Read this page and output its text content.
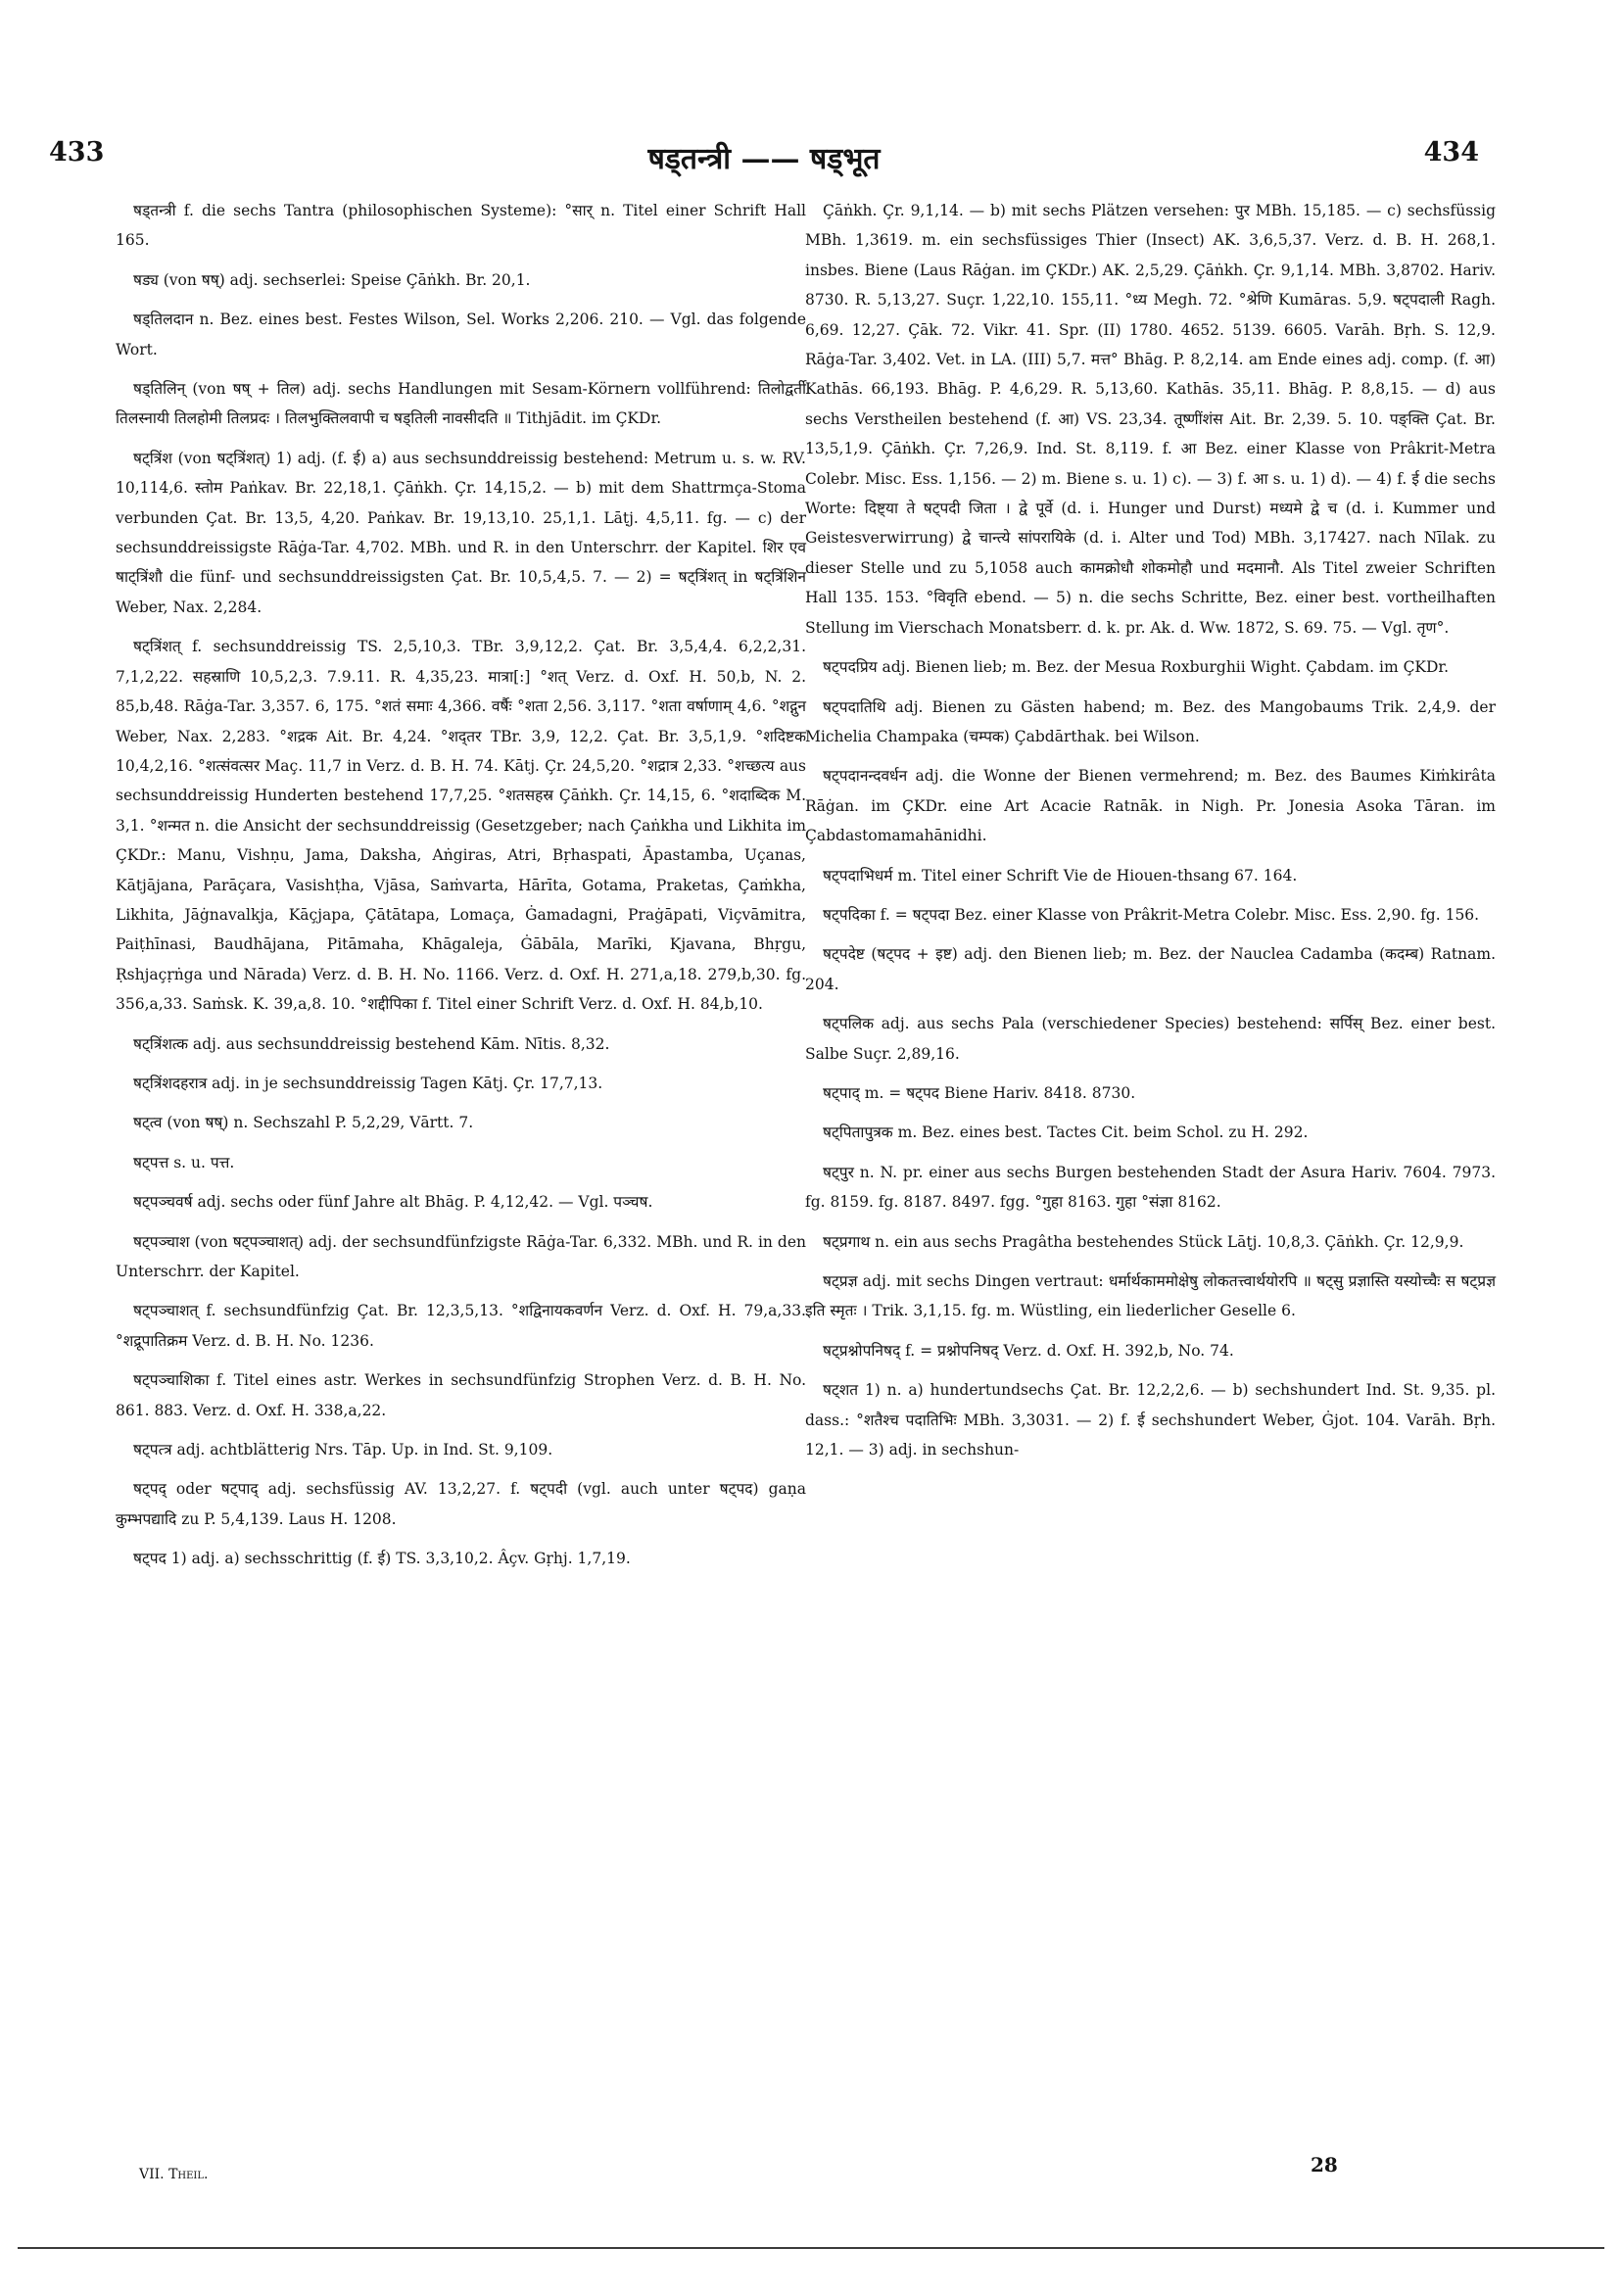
433	षड्तन्त्री —— षड्भूत	434

षड्तन्त्री f. die sechs Tantra (philosophischen Systeme): °सार् n. Titel einer Schrift Hall 165.

षड्य (von षष्) adj. sechserlei: Speise Çāṅkh. Br. 20,1.

षड्तिलदान n. Bez. eines best. Festes Wilson, Sel. Works 2,206. 210. — Vgl. das folgende Wort.

षड्तिलिन् (von षष् + तिल) adj. sechs Handlungen mit Sesam-Körnern vollführend: तिलोद्वर्ती तिलस्नायी तिलहोमी तिलप्रदः । तिलभुक्तिलवापी च षड्तिली नावसीदति ॥ Tithjādit. im ÇKDr.

षट्त्रिंश (von षट्त्रिंशत्) 1) adj. (f. ई) a) aus sechsunddreissig bestehend: Metrum u. s. w. RV. 10,114,6. स्तोम Paṅkav. Br. 22,18,1. Çāṅkh. Çr. 14,15,2. — b) mit dem Shattrmça-Stoma verbunden Çat. Br. 13,5, 4,20. Paṅkav. Br. 19,13,10. 25,1,1. Lāṭj. 4,5,11. fg. — c) der sechsunddreissigste Rāġa-Tar. 4,702. MBh. und R. in den Unterschrr. der Kapitel. शिर एव षाट्त्रिंशौ die fünf- und sechsunddreissigsten Çat. Br. 10,5,4,5. 7. — 2) = षट्त्रिंशत् in षट्त्रिंशिन Weber, Nax. 2,284.

षट्त्रिंशत् f. sechsunddreissig TS. 2,5,10,3. TBr. 3,9,12,2. Çat. Br. 3,5,4,4. 6,2,2,31. 7,1,2,22. सहस्राणि 10,5,2,3. 7.9.11. R. 4,35,23. मात्रा[:] °शत् Verz. d. Oxf. H. 50,b, N. 2. 85,b,48. Rāġa-Tar. 3,357. 6, 175. °शतं समाः 4,366. वर्षैः °शता 2,56. 3,117. °शता वर्षाणाम् 4,6. °शद्गुन Weber, Nax. 2,283. °शद्रक Ait. Br. 4,24. °शद्तर TBr. 3,9, 12,2. Çat. Br. 3,5,1,9. °शदिष्टक 10,4,2,16. °शत्संवत्सर Maç. 11,7 in Verz. d. B. H. 74. Kātj. Çr. 24,5,20. °शद्रात्र 2,33. °शच्छत्य aus sechsunddreissig Hunderten bestehend 17,7,25. °शतसहस्र Çāṅkh. Çr. 14,15, 6. °शदाब्दिक M. 3,1. °शन्मत n. die Ansicht der sechsunddreissig (Gesetzgeber; nach Çaṅkha und Likhita im ÇKDr.: Manu, Vishṇu, Jama, Daksha, Aṅgiras, Atri, Bṛhaspati, Āpastamba, Uçanas, Kātjājana, Parāçara, Vasishṭha, Vjāsa, Saṁvarta, Hārīta, Gotama, Praketas, Çaṁkha, Likhita, Jāġnavalkja, Kāçjapa, Çātātapa, Lomaça, Ġamadagni, Praġāpati, Viçvāmitra, Paiṭhīnasi, Baudhājana, Pitāmaha, Khāgaleja, Ġābāla, Marīki, Kjavana, Bhṛgu, Ṛshjaçṛṅga und Nārada) Verz. d. B. H. No. 1166. Verz. d. Oxf. H. 271,a,18. 279,b,30. fg. 356,a,33. Saṁsk. K. 39,a,8. 10. °शद्दीपिका f. Titel einer Schrift Verz. d. Oxf. H. 84,b,10.

षट्त्रिंशत्क adj. aus sechsunddreissig bestehend Kām. Nītis. 8,32.

षट्त्रिंशदहरात्र adj. in je sechsunddreissig Tagen Kātj. Çr. 17,7,13.

षट्त्व (von षष्) n. Sechszahl P. 5,2,29, Vārtt. 7.

षट्पत्त s. u. पत्त.

षट्पञ्चवर्ष adj. sechs oder fünf Jahre alt Bhāg. P. 4,12,42. — Vgl. पञ्चष.

षट्पञ्चाश (von षट्पञ्चाशत्) adj. der sechsundfünfzigste Rāġa-Tar. 6,332. MBh. und R. in den Unterschrr. der Kapitel.

षट्पञ्चाशत् f. sechsundfünfzig Çat. Br. 12,3,5,13. °शद्विनायकवर्णन Verz. d. Oxf. H. 79,a,33. °शद्रूपातिक्रम Verz. d. B. H. No. 1236.

षट्पञ्चाशिका f. Titel eines astr. Werkes in sechsundfünfzig Strophen Verz. d. B. H. No. 861. 883. Verz. d. Oxf. H. 338,a,22.

षट्पत्त्र adj. achtblätterig Nrs. Tāp. Up. in Ind. St. 9,109.

षट्पद् oder षट्पाद् adj. sechsfüssig AV. 13,2,27. f. षट्पदी (vgl. auch unter षट्पद) gaṇa कुम्भपद्यादि zu P. 5,4,139. Laus H. 1208.

षट्पद 1) adj. a) sechsschrittig (f. ई) TS. 3,3,10,2. Âçv. Gṛhj. 1,7,19.

Çāṅkh. Çr. 9,1,14. — b) mit sechs Plätzen versehen: पुर MBh. 15,185. — c) sechsfüssig MBh. 1,3619. m. ein sechsfüssiges Thier (Insect) AK. 3,6,5,37. Verz. d. B. H. 268,1. insbes. Biene (Laus Rāġan. im ÇKDr.) AK. 2,5,29. Çāṅkh. Çr. 9,1,14. MBh. 3,8702. Hariv. 8730. R. 5,13,27. Suçr. 1,22,10. 155,11. °ध्य Megh. 72. °श्रेणि Kumāras. 5,9. षट्पदाली Ragh. 6,69. 12,27. Çāk. 72. Vikr. 41. Spr. (II) 1780. 4652. 5139. 6605. Varāh. Bṛh. S. 12,9. Rāġa-Tar. 3,402. Vet. in LA. (III) 5,7. मत्त° Bhāg. P. 8,2,14. am Ende eines adj. comp. (f. आ) Kathās. 66,193. Bhāg. P. 4,6,29. R. 5,13,60. Kathās. 35,11. Bhāg. P. 8,8,15. — d) aus sechs Verstheilen bestehend (f. आ) VS. 23,34. तूष्णींशंस Ait. Br. 2,39. 5. 10. पङ्क्ति Çat. Br. 13,5,1,9. Çāṅkh. Çr. 7,26,9. Ind. St. 8,119. f. आ Bez. einer Klasse von Prâkrit-Metra Colebr. Misc. Ess. 1,156. — 2) m. Biene s. u. 1) c). — 3) f. आ s. u. 1) d). — 4) f. ई die sechs Worte: दिष्ट्या ते षट्पदी जिता । द्वे पूर्वे (d. i. Hunger und Durst) मध्यमे द्वे च (d. i. Kummer und Geistesverwirrung) द्वे चान्त्ये सांपरायिके (d. i. Alter und Tod) MBh. 3,17427. nach Nīlak. zu dieser Stelle und zu 5,1058 auch कामक्रोधौ शोकमोहौ und मदमानौ. Als Titel zweier Schriften Hall 135. 153. °विवृति ebend. — 5) n. die sechs Schritte, Bez. einer best. vortheilhaften Stellung im Vierschach Monatsberr. d. k. pr. Ak. d. Ww. 1872, S. 69. 75. — Vgl. तृण°.

षट्पदप्रिय adj. Bienen lieb; m. Bez. der Mesua Roxburghii Wight. Çabdam. im ÇKDr.

षट्पदातिथि adj. Bienen zu Gästen habend; m. Bez. des Mangobaums Trik. 2,4,9. der Michelia Champaka (चम्पक) Çabdārthak. bei Wilson.

षट्पदानन्दवर्धन adj. die Wonne der Bienen vermehrend; m. Bez. des Baumes Kiṁkirâta Rāġan. im ÇKDr. eine Art Acacie Ratnāk. in Nigh. Pr. Jonesia Asoka Tāran. im Çabdastomamahānidhi.

षट्पदाभिधर्म m. Titel einer Schrift Vie de Hiouen-thsang 67. 164.

षट्पदिका f. = षट्पदा Bez. einer Klasse von Prâkrit-Metra Colebr. Misc. Ess. 2,90. fg. 156.

षट्पदेष्ट (षट्पद + इष्ट) adj. den Bienen lieb; m. Bez. der Nauclea Cadamba (कदम्ब) Ratnam. 204.

षट्पलिक adj. aus sechs Pala (verschiedener Species) bestehend: सर्पिस् Bez. einer best. Salbe Suçr. 2,89,16.

षट्पाद् m. = षट्पद Biene Hariv. 8418. 8730.

षट्पितापुत्रक m. Bez. eines best. Tactes Cit. beim Schol. zu H. 292.

षट्पुर n. N. pr. einer aus sechs Burgen bestehenden Stadt der Asura Hariv. 7604. 7973. fg. 8159. fg. 8187. 8497. fgg. °गुहा 8163. गुहा °संज्ञा 8162.

षट्प्रगाथ n. ein aus sechs Pragâtha bestehendes Stück Lāṭj. 10,8,3. Çāṅkh. Çr. 12,9,9.

षट्प्रज्ञ adj. mit sechs Dingen vertraut: धर्मार्थकाममोक्षेषु लोकतत्त्वार्थयोरपि ॥ षट्सु प्रज्ञास्ति यस्योच्चैः स षट्प्रज्ञ इति स्मृतः । Trik. 3,1,15. fg. m. Wüstling, ein liederlicher Geselle 6.

षट्प्रश्नोपनिषद् f. = प्रश्नोपनिषद् Verz. d. Oxf. H. 392,b, No. 74.

षट्शत 1) n. a) hundertundsechs Çat. Br. 12,2,2,6. — b) sechshundert Ind. St. 9,35. pl. dass.: °शतैश्च पदातिभिः MBh. 3,3031. — 2) f. ई sechshundert Weber, Ġjot. 104. Varāh. Bṛh. 12,1. — 3) adj. in sechshun-

VII. Theil.	28
